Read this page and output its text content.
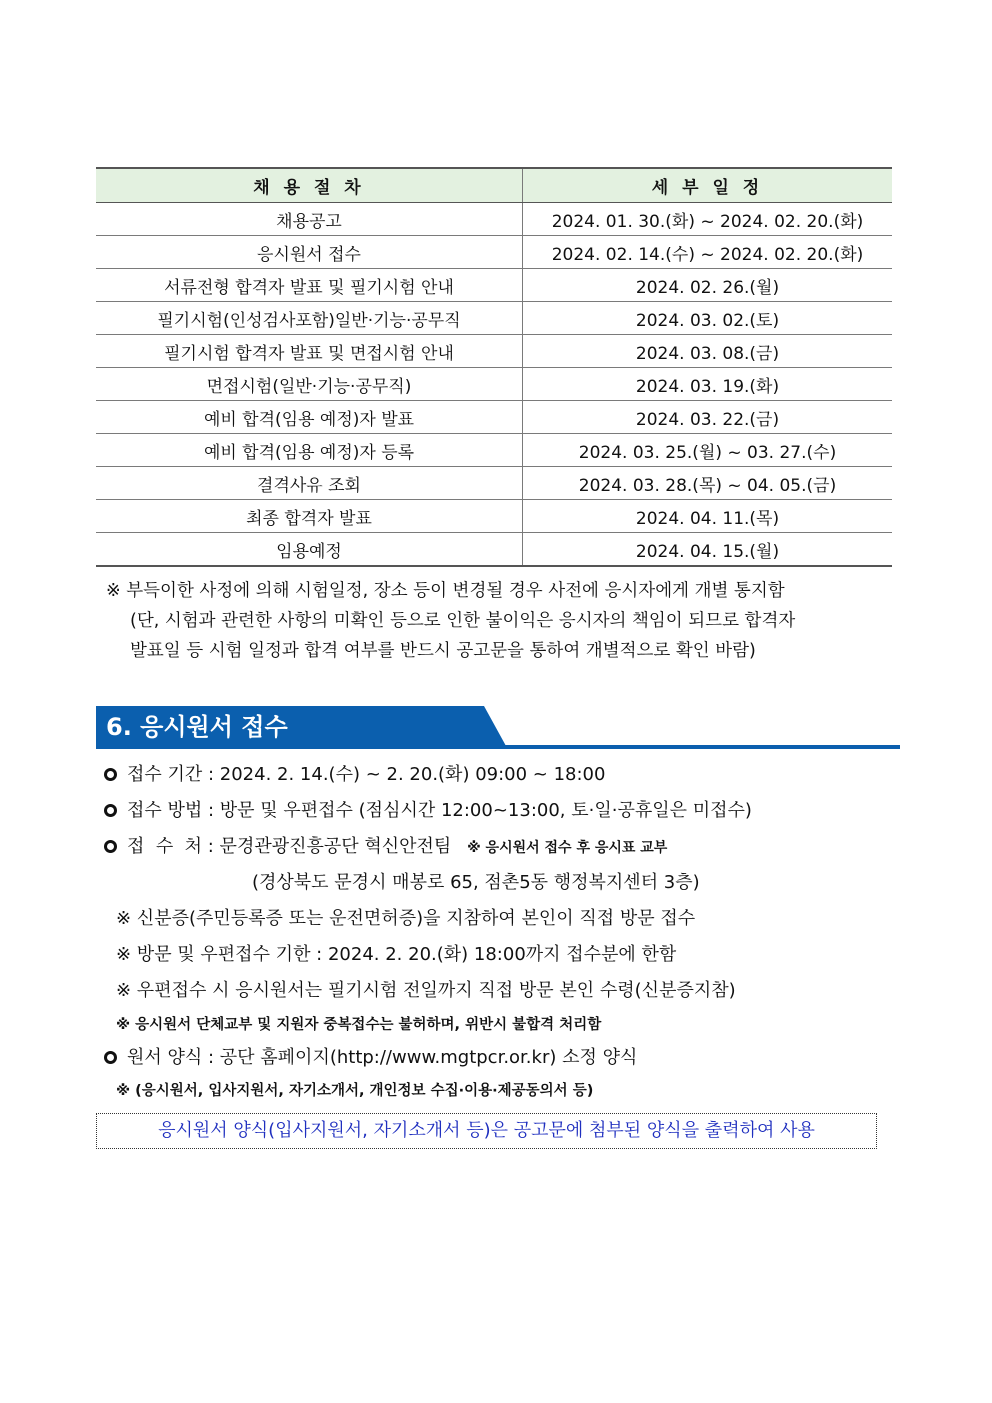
채 용 절 차	세 부 일 정
채용공고	2024. 01. 30.(화) ~ 2024. 02. 20.(화)
응시원서 접수	2024. 02. 14.(수) ~ 2024. 02. 20.(화)
서류전형 합격자 발표 및 필기시험 안내	2024. 02. 26.(월)
필기시험(인성검사포함)일반·기능·공무직	2024. 03. 02.(토)
필기시험 합격자 발표 및 면접시험 안내	2024. 03. 08.(금)
면접시험(일반·기능·공무직)	2024. 03. 19.(화)
예비 합격(임용 예정)자 발표	2024. 03. 22.(금)
예비 합격(임용 예정)자 등록	2024. 03. 25.(월) ~ 03. 27.(수)
결격사유 조회	2024. 03. 28.(목) ~ 04. 05.(금)
최종 합격자 발표	2024. 04. 11.(목)
임용예정	2024. 04. 15.(월)
※ 부득이한 사정에 의해 시험일정, 장소 등이 변경될 경우 사전에 응시자에게 개별 통지함

(단, 시험과 관련한 사항의 미확인 등으로 인한 불이익은 응시자의 책임이 되므로 합격자
발표일 등 시험 일정과 합격 여부를 반드시 공고문을 통하여 개별적으로 확인 바람)
6. 응시원서 접수
접수 기간 : 2024. 2. 14.(수) ~ 2. 20.(화) 09:00 ~ 18:00
접수 방법 : 방문 및 우편접수 (점심시간 12:00~13:00, 토·일·공휴일은 미접수)
접  수  처 : 문경관광진흥공단 혁신안전팀 ※ 응시원서 접수 후 응시표 교부
(경상북도 문경시 매봉로 65, 점촌5동 행정복지센터 3층)
※ 신분증(주민등록증 또는 운전면허증)을 지참하여 본인이 직접 방문 접수
※ 방문 및 우편접수 기한 : 2024. 2. 20.(화) 18:00까지 접수분에 한함
※ 우편접수 시 응시원서는 필기시험 전일까지 직접 방문 본인 수령(신분증지참)
※ 응시원서 단체교부 및 지원자 중복접수는 불허하며, 위반시 불합격 처리함
원서 양식 : 공단 홈페이지(http://www.mgtpcr.or.kr) 소정 양식
※ (응시원서, 입사지원서, 자기소개서, 개인정보 수집·이용·제공동의서 등)
응시원서 양식(입사지원서, 자기소개서 등)은 공고문에 첨부된 양식을 출력하여 사용
